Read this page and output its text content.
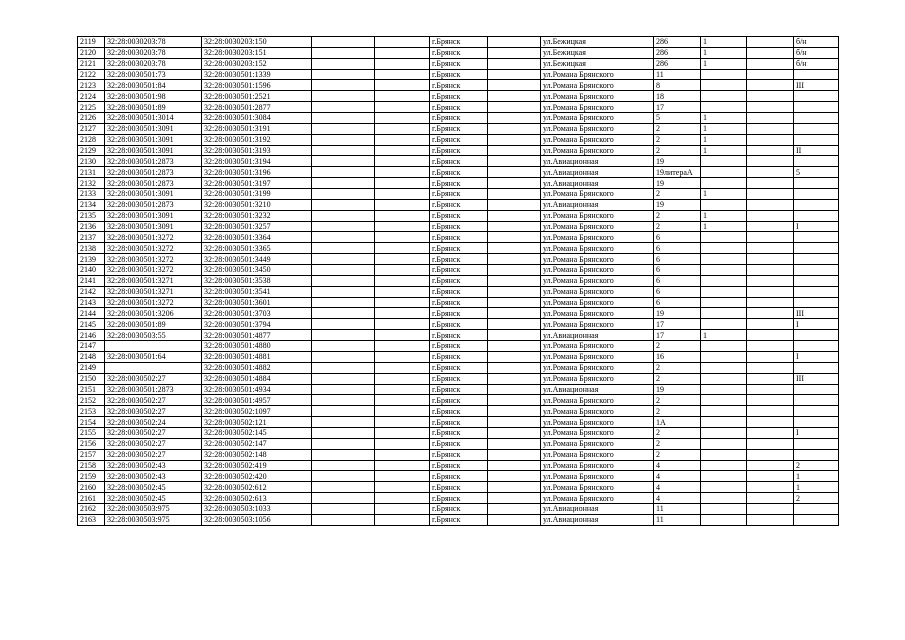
2119	32:28:0030203:78	32:28:0030203:150			г.Брянск		ул.Бежицкая	286	1		б/н
2120	32:28:0030203:78	32:28:0030203:151			г.Брянск		ул.Бежицкая	286	1		б/н
2121	32:28:0030203:78	32:28:0030203:152			г.Брянск		ул.Бежицкая	286	1		б/н
2122	32:28:0030501:73	32:28:0030501:1339			г.Брянск		ул.Романа Брянского	11			
2123	32:28:0030501:84	32:28:0030501:1596			г.Брянск		ул.Романа Брянского	8			III
2124	32:28:0030501:98	32:28:0030501:2521			г.Брянск		ул.Романа Брянского	18			
2125	32:28:0030501:89	32:28:0030501:2877			г.Брянск		ул.Романа Брянского	17			
2126	32:28:0030501:3014	32:28:0030501:3084			г.Брянск		ул.Романа Брянского	5	1		
2127	32:28:0030501:3091	32:28:0030501:3191			г.Брянск		ул.Романа Брянского	2	1		
2128	32:28:0030501:3091	32:28:0030501:3192			г.Брянск		ул.Романа Брянского	2	1		
2129	32:28:0030501:3091	32:28:0030501:3193			г.Брянск		ул.Романа Брянского	2	1		II
2130	32:28:0030501:2873	32:28:0030501:3194			г.Брянск		ул.Авиационная	19			
2131	32:28:0030501:2873	32:28:0030501:3196			г.Брянск		ул.Авиационная	19литераА			5
2132	32:28:0030501:2873	32:28:0030501:3197			г.Брянск		ул.Авиационная	19			
2133	32:28:0030501:3091	32:28:0030501:3199			г.Брянск		ул.Романа Брянского	2	1		
2134	32:28:0030501:2873	32:28:0030501:3210			г.Брянск		ул.Авиационная	19			
2135	32:28:0030501:3091	32:28:0030501:3232			г.Брянск		ул.Романа Брянского	2	1		
2136	32:28:0030501:3091	32:28:0030501:3257			г.Брянск		ул.Романа Брянского	2	1		I
2137	32:28:0030501:3272	32:28:0030501:3364			г.Брянск		ул.Романа Брянского	6			
2138	32:28:0030501:3272	32:28:0030501:3365			г.Брянск		ул.Романа Брянского	6			
2139	32:28:0030501:3272	32:28:0030501:3449			г.Брянск		ул.Романа Брянского	6			
2140	32:28:0030501:3272	32:28:0030501:3450			г.Брянск		ул.Романа Брянского	6			
2141	32:28:0030501:3271	32:28:0030501:3538			г.Брянск		ул.Романа Брянского	6			
2142	32:28:0030501:3271	32:28:0030501:3541			г.Брянск		ул.Романа Брянского	6			
2143	32:28:0030501:3272	32:28:0030501:3601			г.Брянск		ул.Романа Брянского	6			
2144	32:28:0030501:3206	32:28:0030501:3703			г.Брянск		ул.Романа Брянского	19			III
2145	32:28:0030501:89	32:28:0030501:3794			г.Брянск		ул.Романа Брянского	17			I
2146	32:28:0030503:55	32:28:0030501:4877			г.Брянск		ул.Авиационная	17	1		
2147		32:28:0030501:4880			г.Брянск		ул.Романа Брянского	2			
2148	32:28:0030501:64	32:28:0030501:4881			г.Брянск		ул.Романа Брянского	16			I
2149		32:28:0030501:4882			г.Брянск		ул.Романа Брянского	2			
2150	32:28:0030502:27	32:28:0030501:4884			г.Брянск		ул.Романа Брянского	2			III
2151	32:28:0030501:2873	32:28:0030501:4934			г.Брянск		ул.Авиационная	19			
2152	32:28:0030502:27	32:28:0030501:4957			г.Брянск		ул.Романа Брянского	2			
2153	32:28:0030502:27	32:28:0030502:1097			г.Брянск		ул.Романа Брянского	2			
2154	32:28:0030502:24	32:28:0030502:121			г.Брянск		ул.Романа Брянского	1А			
2155	32:28:0030502:27	32:28:0030502:145			г.Брянск		ул.Романа Брянского	2			I
2156	32:28:0030502:27	32:28:0030502:147			г.Брянск		ул.Романа Брянского	2			
2157	32:28:0030502:27	32:28:0030502:148			г.Брянск		ул.Романа Брянского	2			
2158	32:28:0030502:43	32:28:0030502:419			г.Брянск		ул.Романа Брянского	4			2
2159	32:28:0030502:43	32:28:0030502:420			г.Брянск		ул.Романа Брянского	4			1
2160	32:28:0030502:45	32:28:0030502:612			г.Брянск		ул.Романа Брянского	4			1
2161	32:28:0030502:45	32:28:0030502:613			г.Брянск		ул.Романа Брянского	4			2
2162	32:28:0030503:975	32:28:0030503:1033			г.Брянск		ул.Авиационная	11			
2163	32:28:0030503:975	32:28:0030503:1056			г.Брянск		ул.Авиационная	11			
